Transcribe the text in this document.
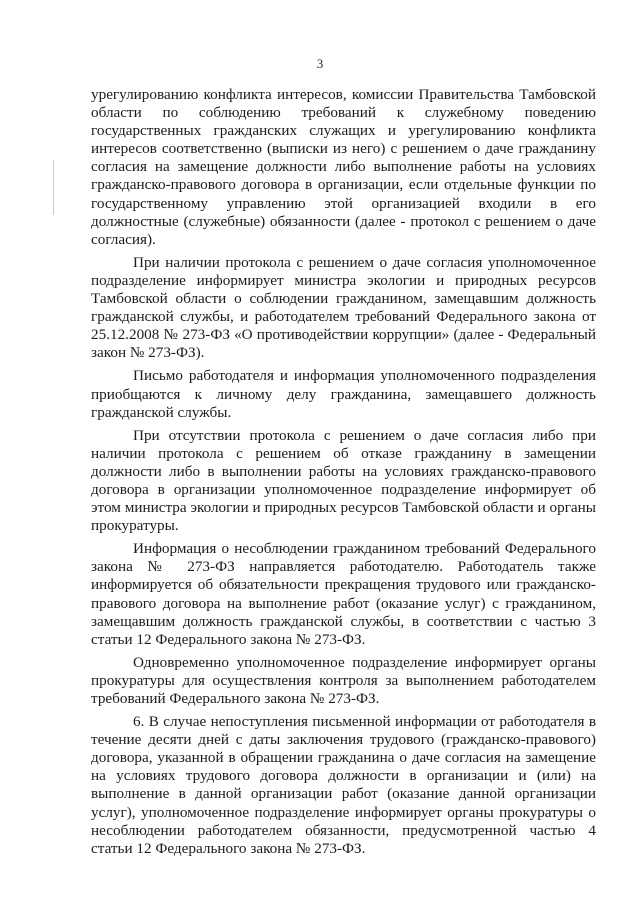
3

урегулированию конфликта интересов, комиссии Правительства Тамбовской области по соблюдению требований к служебному поведению государственных гражданских служащих и урегулированию конфликта интересов соответственно (выписки из него) с решением о даче гражданину согласия на замещение должности либо выполнение работы на условиях гражданско-правового договора в организации, если отдельные функции по государственному управлению этой организацией входили в его должностные (служебные) обязанности (далее - протокол с решением о даче согласия).

При наличии протокола с решением о даче согласия уполномоченное подразделение информирует министра экологии и природных ресурсов Тамбовской области о соблюдении гражданином, замещавшим должность гражданской службы, и работодателем требований Федерального закона от 25.12.2008 № 273-ФЗ «О противодействии коррупции» (далее - Федеральный закон № 273-ФЗ).

Письмо работодателя и информация уполномоченного подразделения приобщаются к личному делу гражданина, замещавшего должность гражданской службы.

При отсутствии протокола с решением о даче согласия либо при наличии протокола с решением об отказе гражданину в замещении должности либо в выполнении работы на условиях гражданско-правового договора в организации уполномоченное подразделение информирует об этом министра экологии и природных ресурсов Тамбовской области и органы прокуратуры.

Информация о несоблюдении гражданином требований Федерального закона № 273-ФЗ направляется работодателю. Работодатель также информируется об обязательности прекращения трудового или гражданско-правового договора на выполнение работ (оказание услуг) с гражданином, замещавшим должность гражданской службы, в соответствии с частью 3 статьи 12 Федерального закона № 273-ФЗ.

Одновременно уполномоченное подразделение информирует органы прокуратуры для осуществления контроля за выполнением работодателем требований Федерального закона № 273-ФЗ.

6. В случае непоступления письменной информации от работодателя в течение десяти дней с даты заключения трудового (гражданско-правового) договора, указанной в обращении гражданина о даче согласия на замещение на условиях трудового договора должности в организации и (или) на выполнение в данной организации работ (оказание данной организации услуг), уполномоченное подразделение информирует органы прокуратуры о несоблюдении работодателем обязанности, предусмотренной частью 4 статьи 12 Федерального закона № 273-ФЗ.
